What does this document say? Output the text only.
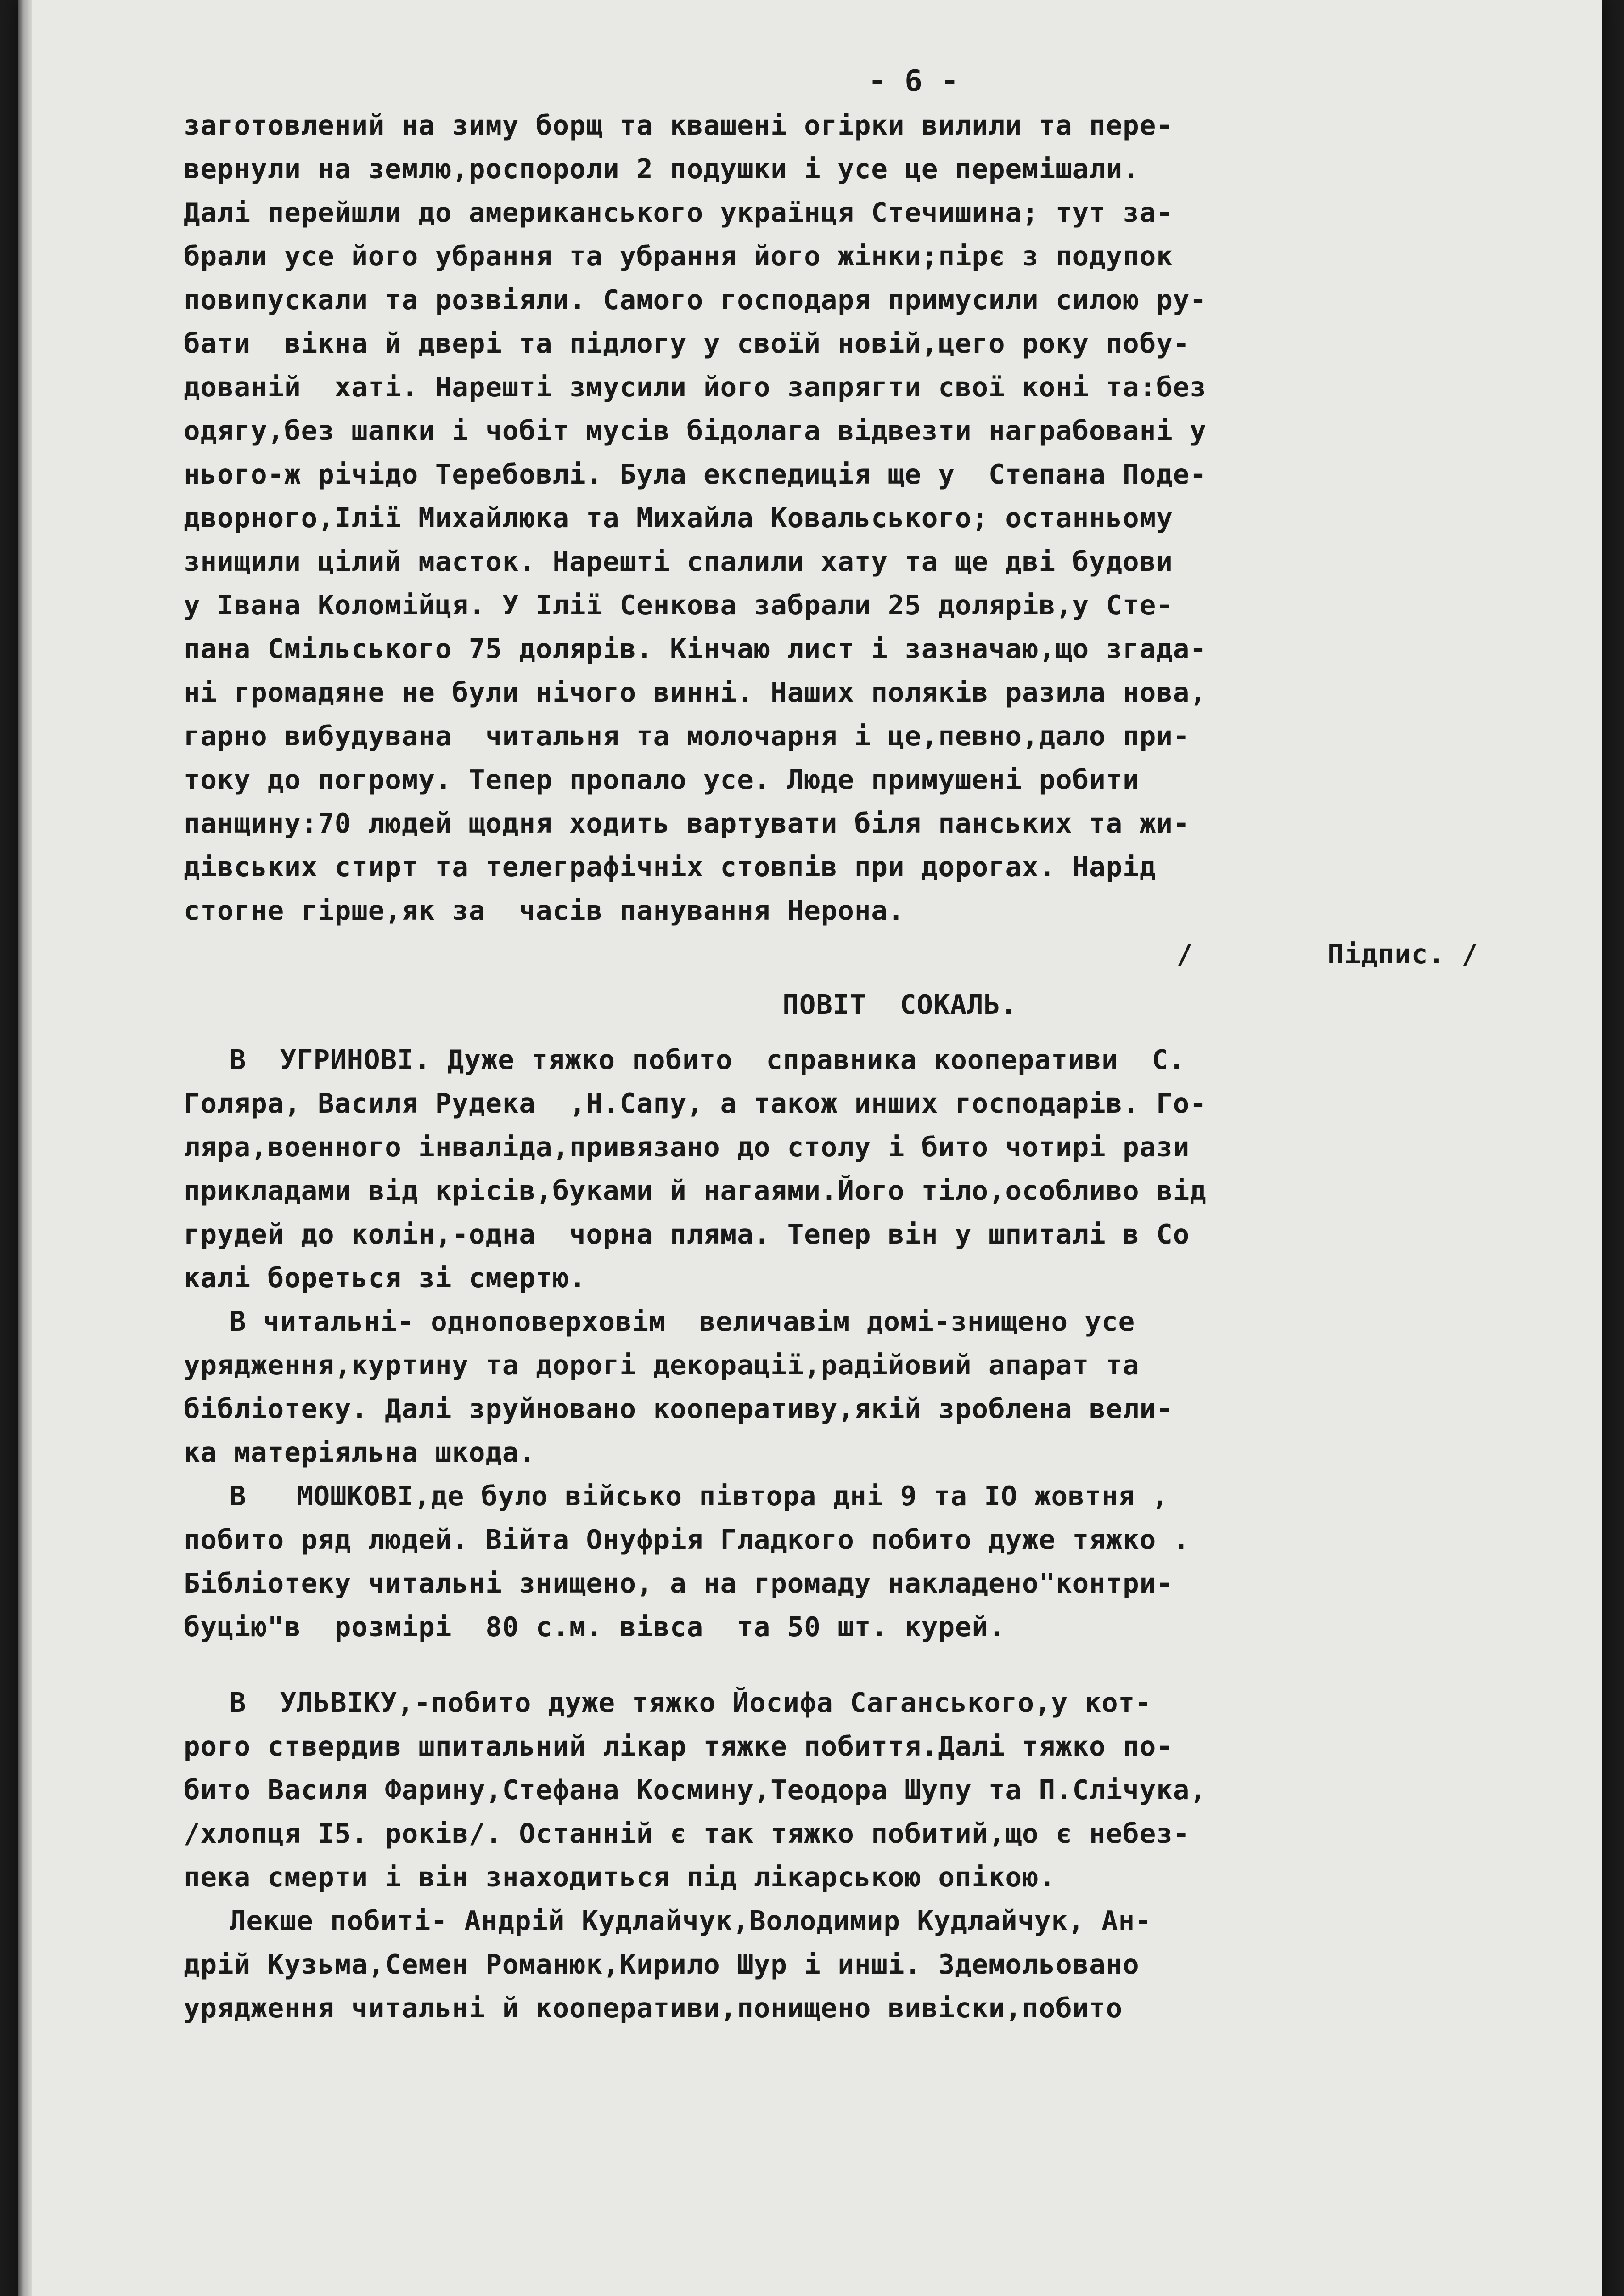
- 6 -
заготовлений на зиму борщ та квашені огірки вилили та пере-
вернули на землю,роспороли 2 подушки і усе це перемішали.
Далі перейшли до американського українця Стечишина; тут за-
брали усе його убрання та убрання його жінки;пірє з подупок
повипускали та розвіяли. Самого господаря примусили силою ру-
бати  вікна й двері та підлогу у своїй новій,цего року побу-
дованій  хаті. Нарешті змусили його запрягти свої коні та:без
одягу,без шапки і чобіт мусів бідолага відвезти награбовані у
нього-ж річідо Теребовлі. Була експедиція ще у  Степана Поде-
дворного,Ілії Михайлюка та Михайла Ковальського; останньому
знищили цілий масток. Нарешті спалили хату та ще дві будови
у Івана Коломійця. У Ілії Сенкова забрали 25 долярів,у Сте-
пана Смільського 75 долярів. Кінчаю лист і зазначаю,що згада-
ні громадяне не були нічого винні. Наших поляків разила нова,
гарно вибудувана  читальня та молочарня і це,певно,дало при-
току до погрому. Тепер пропало усе. Люде примушені робити
панщину:70 людей щодня ходить вартувати біля панських та жи-
дівських стирт та телеграфічніх стовпів при дорогах. Нарід
стогне гірше,як за  часів панування Нерона.
/        Підпис. /
ПОВІТ  СОКАЛЬ.
В  УГРИНОВІ. Дуже тяжко побито  справника кооперативи  С.
Голяра, Василя Рудека  ,Н.Сапу, а також инших господарів. Го-
ляра,военного інваліда,привязано до столу і бито чотирі рази
прикладами від крісів,буками й нагаями.Його тіло,особливо від
грудей до колін,-одна  чорна пляма. Тепер він у шпиталі в Со
калі бореться зі смертю.
В читальні- одноповерховім  величавім домі-знищено усе
урядження,куртину та дорогі декорації,радійовий апарат та
бібліотеку. Далі зруйновано кооперативу,якій зроблена вели-
ка матеріяльна шкода.
В   МОШКОВІ,де було військо півтора дні 9 та IO жовтня ,
побито ряд людей. Війта Онуфрія Гладкого побито дуже тяжко .
Бібліотеку читальні знищено, а на громаду накладено"контри-
буцію"в  розмірі  80 с.м. вівса  та 50 шт. курей.
В  УЛЬВІКУ,-побито дуже тяжко Йосифа Саганського,у кот-
рого ствердив шпитальний лікар тяжке побиття.Далі тяжко по-
бито Василя Фарину,Стефана Космину,Теодора Шупу та П.Слічука,
/хлопця I5. років/. Останній є так тяжко побитий,що є небез-
пека смерти і він знаходиться під лікарською опікою.
Лекше побиті- Андрій Кудлайчук,Володимир Кудлайчук, Ан-
дрій Кузьма,Семен Романюк,Кирило Шур і инші. Здемольовано
урядження читальні й кооперативи,понищено вивіски,побито
